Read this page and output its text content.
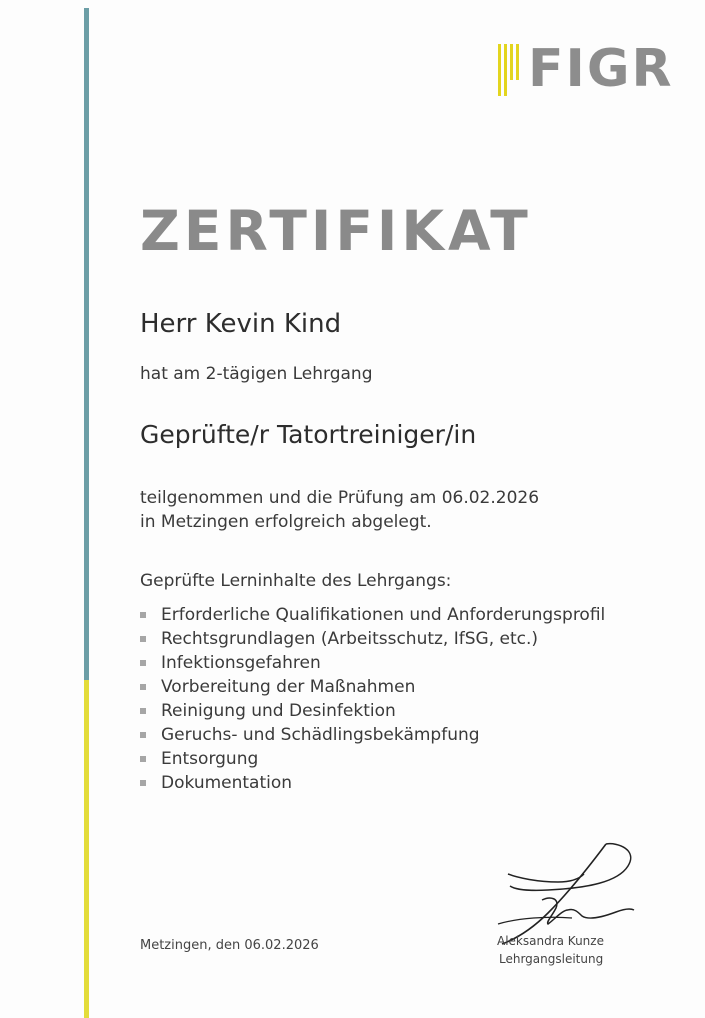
FIGR
ZERTIFIKAT
Herr Kevin Kind
hat am 2-tägigen Lehrgang
Geprüfte/r Tatortreiniger/in
teilgenommen und die Prüfung am 06.02.2026
in Metzingen erfolgreich abgelegt.
Geprüfte Lerninhalte des Lehrgangs:
Erforderliche Qualifikationen und Anforderungsprofil
Rechtsgrundlagen (Arbeitsschutz, IfSG, etc.)
Infektionsgefahren
Vorbereitung der Maßnahmen
Reinigung und Desinfektion
Geruchs- und Schädlingsbekämpfung
Entsorgung
Dokumentation
Metzingen, den 06.02.2026	Aleksandra Kunze
Lehrgangsleitung
